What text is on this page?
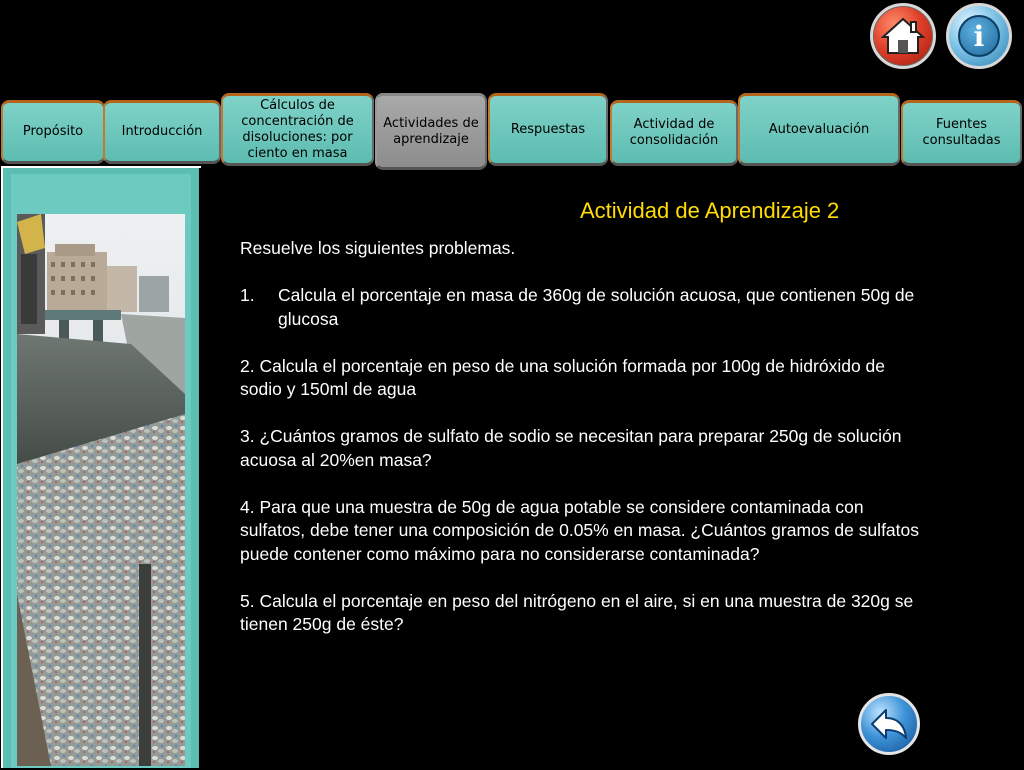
i
Propósito	Introducción
Cálculos de concentración de disoluciones: por ciento en masa
Actividades de aprendizaje
Respuestas	Actividad de consolidación
Autoevaluación	Fuentes consultadas
Actividad de Aprendizaje 2

Resuelve los siguientes problemas.

1.	Calcula el porcentaje en masa de 360g de solución acuosa, que contienen 50g de glucosa

2. Calcula el porcentaje en peso de una solución formada por 100g de hidróxido de sodio y 150ml de agua

3. ¿Cuántos gramos de sulfato de sodio se necesitan para preparar 250g de solución acuosa al 20%en masa?

4. Para que una muestra de 50g de agua potable se considere contaminada con sulfatos, debe tener una composición de 0.05% en masa. ¿Cuántos gramos de sulfatos puede contener como máximo para no considerarse contaminada?

5. Calcula el porcentaje en peso del nitrógeno en el aire, si en una muestra de 320g se tienen 250g de éste?
